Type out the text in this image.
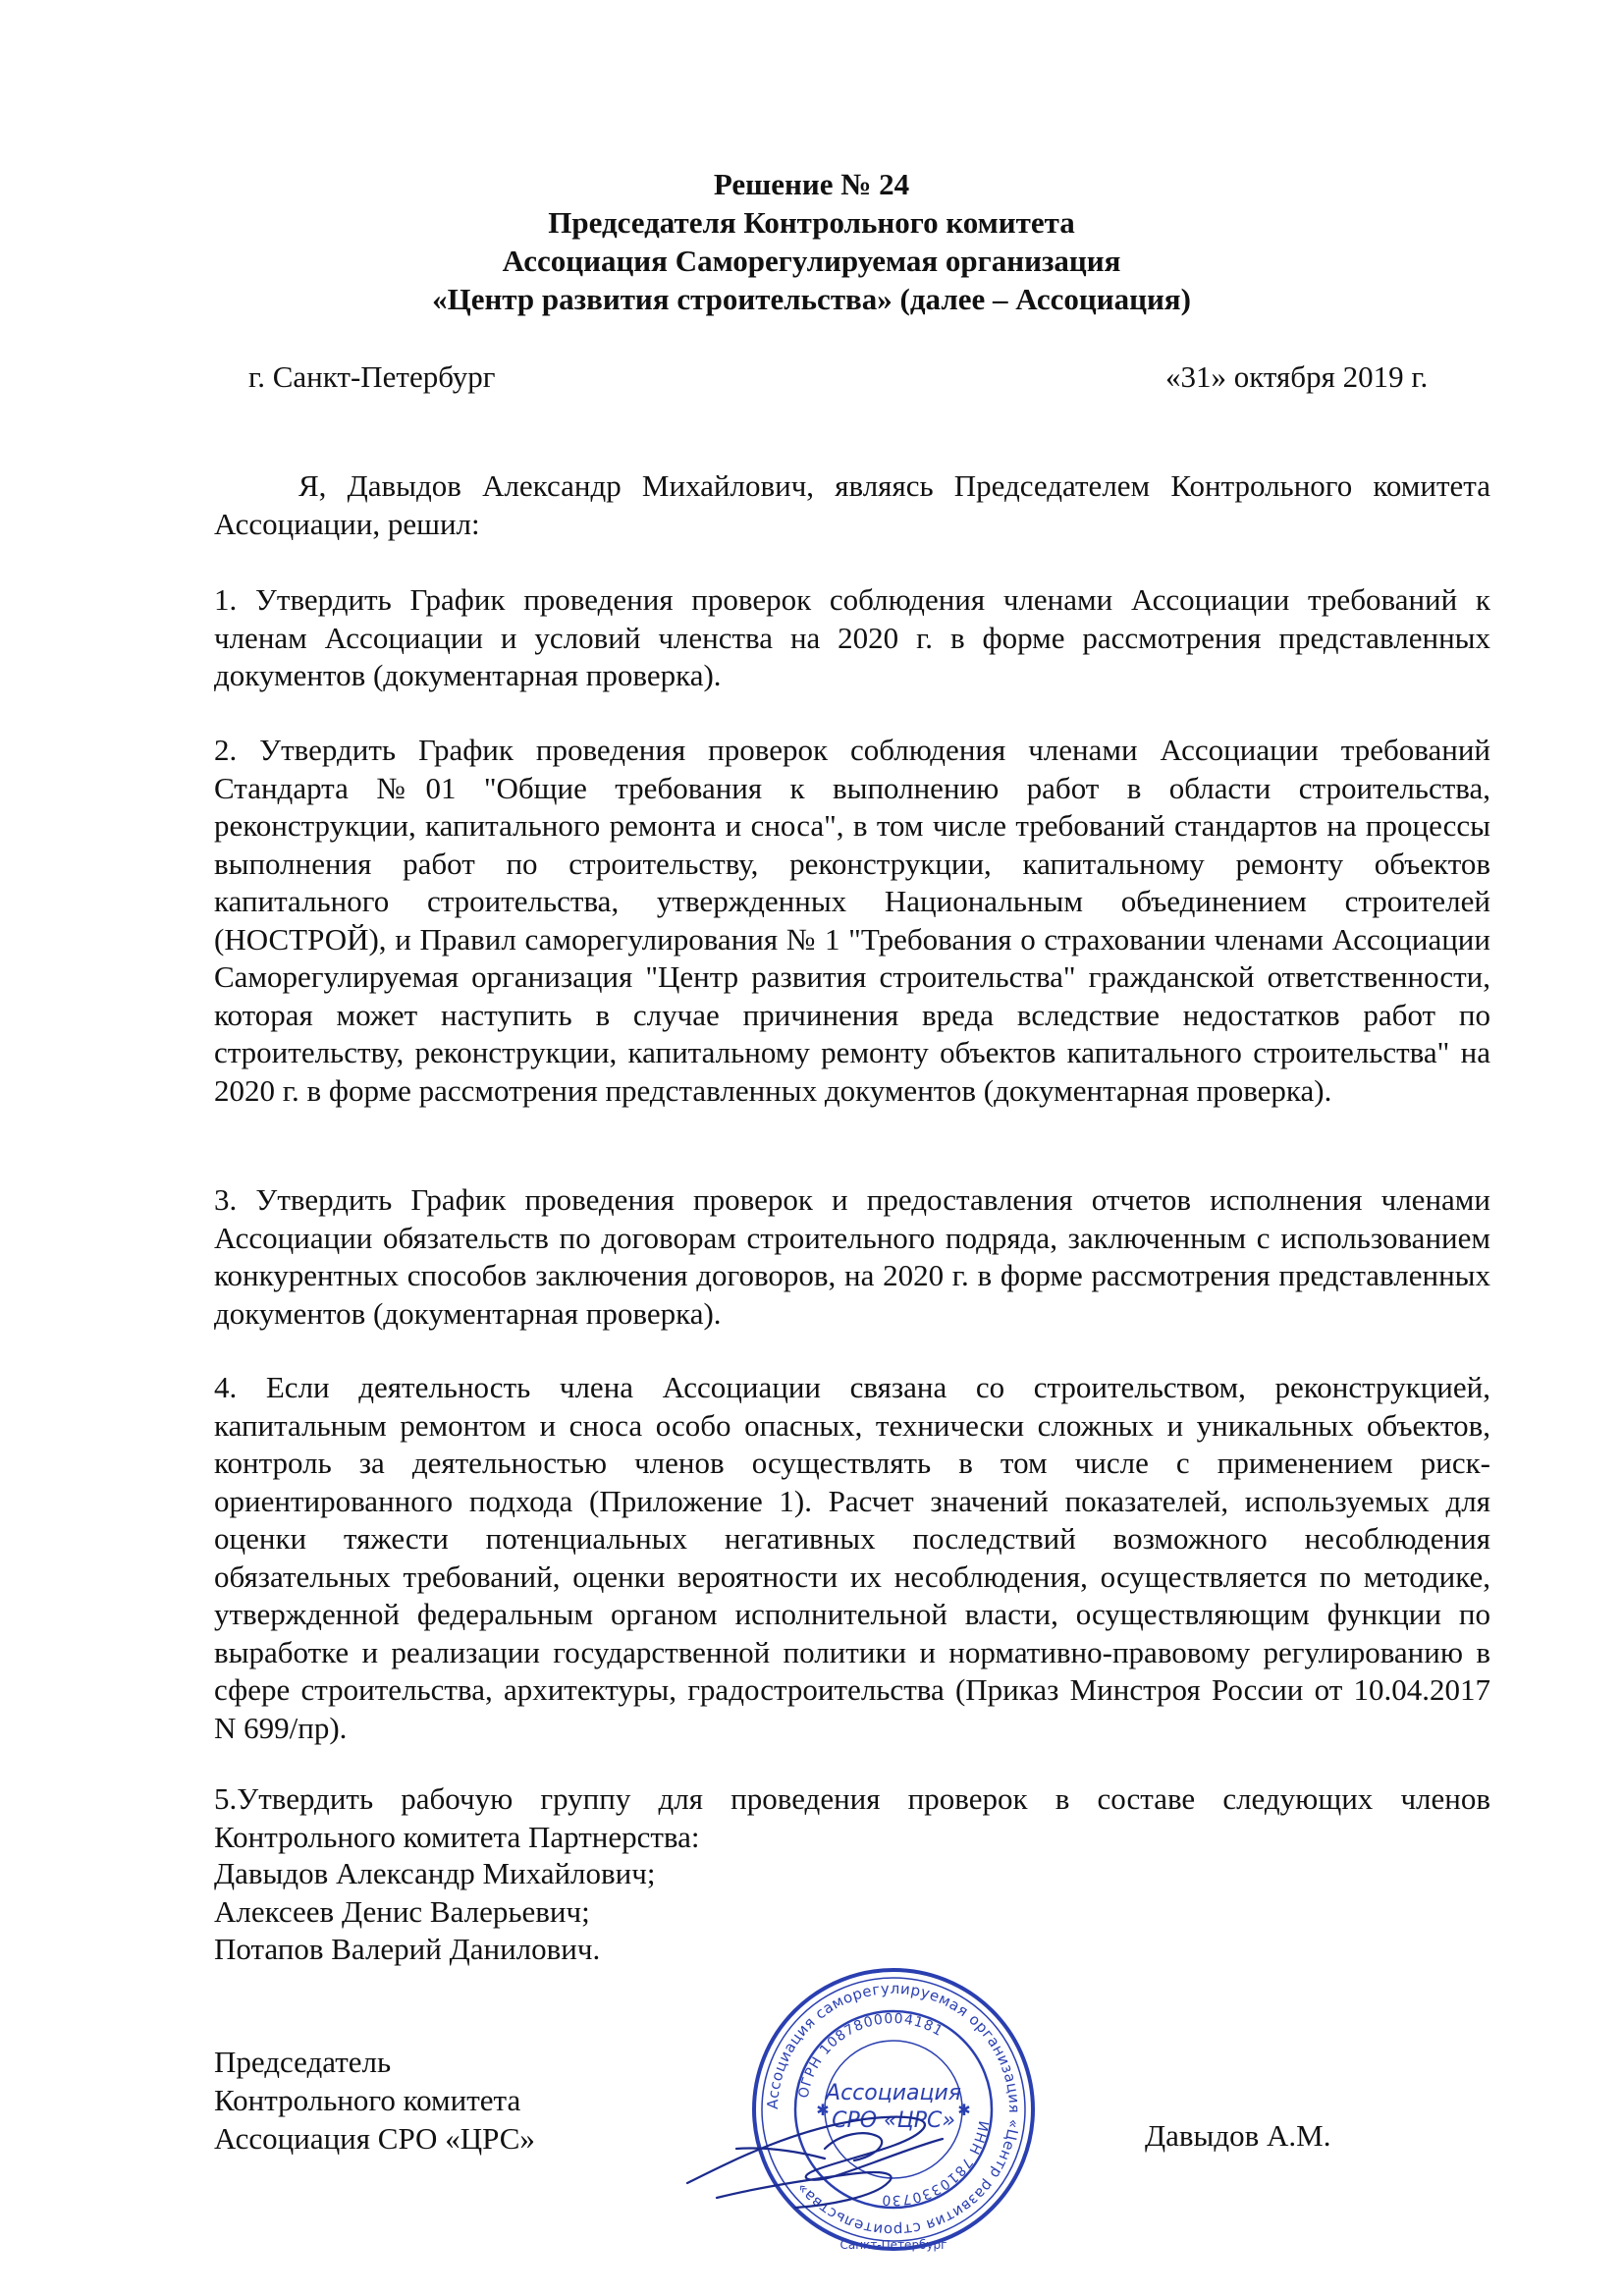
Решение № 24
Председателя Контрольного комитета
Ассоциация Саморегулируемая организация
«Центр развития строительства» (далее – Ассоциация)
г. Санкт-Петербург	«31» октября 2019 г.

Я, Давыдов Александр Михайлович, являясь Председателем Контрольного комитета Ассоциации, решил:

1. Утвердить График проведения проверок соблюдения членами Ассоциации требований к членам Ассоциации и условий членства на 2020 г. в форме рассмотрения представленных документов (документарная проверка).

2. Утвердить График проведения проверок соблюдения членами Ассоциации требований Стандарта №01 "Общие требования к выполнению работ в области строительства, реконструкции, капитального ремонта и сноса", в том числе требований стандартов на процессы выполнения работ по строительству, реконструкции, капитальному ремонту объектов капитального строительства, утвержденных Национальным объединением строителей (НОСТРОЙ), и Правил саморегулирования № 1 "Требования о страховании членами Ассоциации Саморегулируемая организация "Центр развития строительства" гражданской ответственности, которая может наступить в случае причинения вреда вследствие недостатков работ по строительству, реконструкции, капитальному ремонту объектов капитального строительства" на 2020 г. в форме рассмотрения представленных документов (документарная проверка).

3. Утвердить График проведения проверок и предоставления отчетов исполнения членами Ассоциации обязательств по договорам строительного подряда, заключенным с использованием конкурентных способов заключения договоров, на 2020 г. в форме рассмотрения представленных документов (документарная проверка).

4. Если деятельность члена Ассоциации связана со строительством, реконструкцией, капитальным ремонтом и сноса особо опасных, технически сложных и уникальных объектов, контроль за деятельностью членов осуществлять в том числе с применением риск-ориентированного подхода (Приложение 1). Расчет значений показателей, используемых для оценки тяжести потенциальных негативных последствий возможного несоблюдения обязательных требований, оценки вероятности их несоблюдения, осуществляется по методике, утвержденной федеральным органом исполнительной власти, осуществляющим функции по выработке и реализации государственной политики и нормативно-правовому регулированию в сфере строительства, архитектуры, градостроительства (Приказ Минстроя России от 10.04.2017 N 699/пр).

5.Утвердить рабочую группу для проведения проверок в составе следующих членов Контрольного комитета Партнерства:

Давыдов Александр Михайлович;
Алексеев Денис Валерьевич;
Потапов Валерий Данилович.
Председатель
Контрольного комитета
Ассоциация СРО «ЦРС»
Ассоциация саморегулируемая организация «Центр развития строительства»
ОГРН 1087800004181
ИНН 7810330730
Ассоциация
СРО «ЦРС»
Санкт-Петербург
✱	✱
Давыдов А.М.
